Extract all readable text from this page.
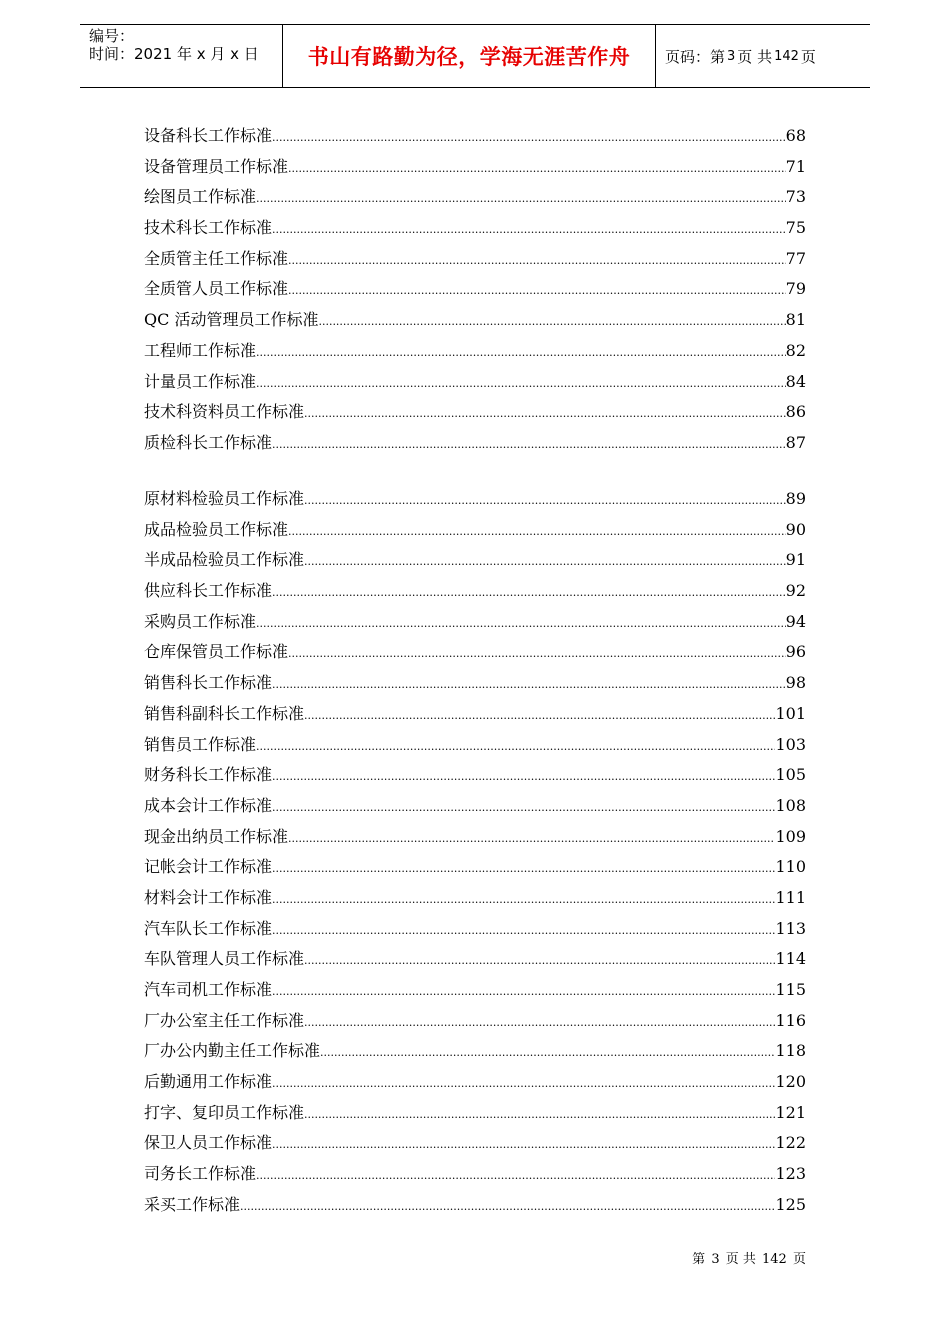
编号：
时间：2021 年 x 月 x 日	书山有路勤为径，学海无涯苦作舟	页码：第 3 页 共 142 页
设备科长工作标准 .....	68
设备管理员工作标准 .....	71
绘图员工作标准 .....	73
技术科长工作标准 .....	75
全质管主任工作标准 .....	77
全质管人员工作标准 .....	79
QC 活动管理员工作标准 .....	81
工程师工作标准 .....	82
计量员工作标准 .....	84
技术科资料员工作标准 .....	86
质检科长工作标准 .....	87
原材料检验员工作标准 .....	89
成品检验员工作标准 .....	90
半成品检验员工作标准 .....	91
供应科长工作标准 .....	92
采购员工作标准 .....	94
仓库保管员工作标准 .....	96
销售科长工作标准 .....	98
销售科副科长工作标准 .....	101
销售员工作标准 .....	103
财务科长工作标准 .....	105
成本会计工作标准 .....	108
现金出纳员工作标准 .....	109
记帐会计工作标准 .....	110
材料会计工作标准 .....	111
汽车队长工作标准 .....	113
车队管理人员工作标准 .....	114
汽车司机工作标准 .....	115
厂办公室主任工作标准 .....	116
厂办公内勤主任工作标准 .....	118
后勤通用工作标准 .....	120
打字、复印员工作标准 .....	121
保卫人员工作标准 .....	122
司务长工作标准 .....	123
采买工作标准 .....	125
第 3 页 共 142 页
